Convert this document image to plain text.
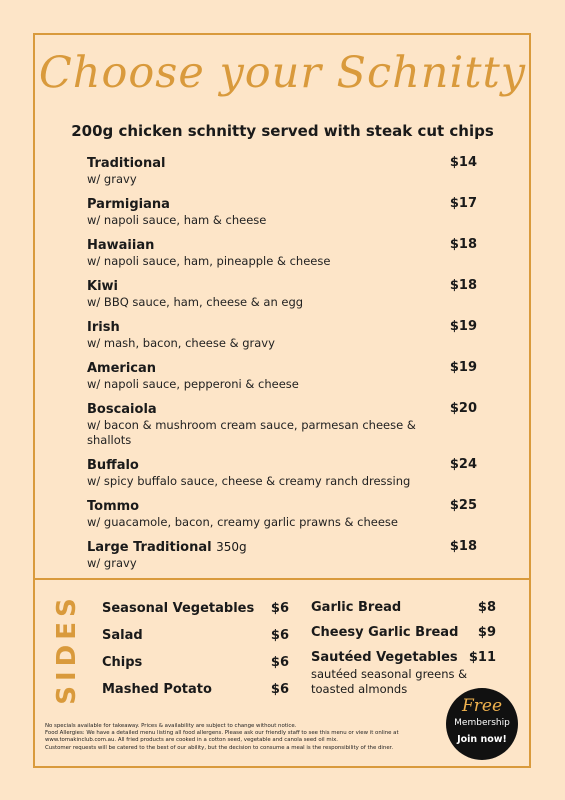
Choose your Schnitty
200g chicken schnitty served with steak cut chips
Traditional
w/ gravy
$14
Parmigiana
w/ napoli sauce, ham & cheese
$17
Hawaiian
w/ napoli sauce, ham, pineapple & cheese
$18
Kiwi
w/ BBQ sauce, ham, cheese & an egg
$18
Irish
w/ mash, bacon, cheese & gravy
$19
American
w/ napoli sauce, pepperoni & cheese
$19
Boscaiola
w/ bacon & mushroom cream sauce, parmesan cheese & shallots
$20
Buffalo
w/ spicy buffalo sauce, cheese & creamy ranch dressing
$24
Tommo
w/ guacamole, bacon, creamy garlic prawns & cheese
$25
Large Traditional 350g
w/ gravy
$18
SIDES Seasonal Vegetables $6
Salad	$6
Chips	$6
Mashed Potato	$6
Garlic Bread	$8
Cheesy Garlic Bread $9
Sautéed Vegetables $11
sautéed seasonal greens & toasted almonds
Free
Membership
Join now!

No specials available for takeaway. Prices & availability are subject to change without notice.

Food Allergies: We have a detailed menu listing all food allergens. Please ask our friendly staff to see this menu or view it online at www.tomakinclub.com.au. All fried products are cooked in a cotton seed, vegetable and canola seed oil mix.

Customer requests will be catered to the best of our ability, but the decision to consume a meal is the responsibility of the diner.
